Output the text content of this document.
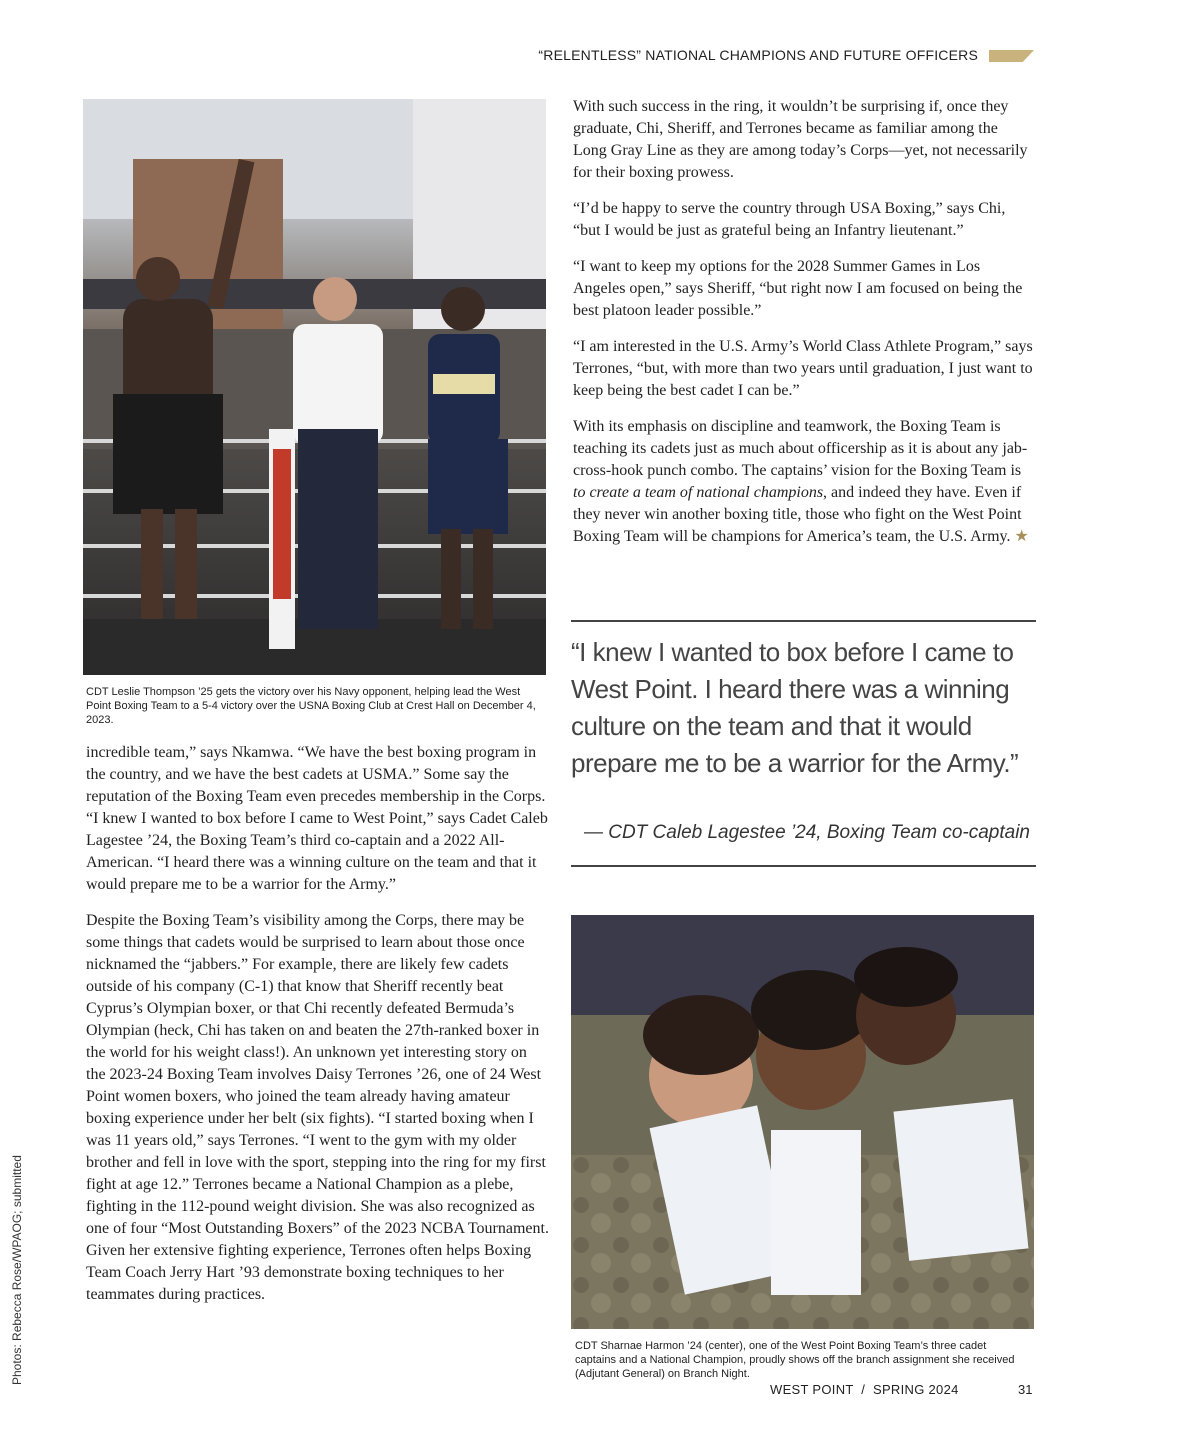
“RELENTLESS” NATIONAL CHAMPIONS AND FUTURE OFFICERS
CDT Leslie Thompson ’25 gets the victory over his Navy opponent, helping lead the West Point Boxing Team to a 5-4 victory over the USNA Boxing Club at Crest Hall on December 4, 2023.

With such success in the ring, it wouldn’t be surprising if, once they graduate, Chi, Sheriff, and Terrones became as familiar among the Long Gray Line as they are among today’s Corps—yet, not necessarily for their boxing prowess.

“I’d be happy to serve the country through USA Boxing,” says Chi, “but I would be just as grateful being an Infantry lieutenant.”

“I want to keep my options for the 2028 Summer Games in Los Angeles open,” says Sheriff, “but right now I am focused on being the best platoon leader possible.”

“I am interested in the U.S. Army’s World Class Athlete Program,” says Terrones, “but, with more than two years until graduation, I just want to keep being the best cadet I can be.”

With its emphasis on discipline and teamwork, the Boxing Team is teaching its cadets just as much about officership as it is about any jab-cross-hook punch combo. The captains’ vision for the Boxing Team is to create a team of national champions, and indeed they have. Even if they never win another boxing title, those who fight on the West Point Boxing Team will be champions for America’s team, the U.S. Army. ★

“I knew I wanted to box before I came to West Point. I heard there was a winning culture on the team and that it would prepare me to be a warrior for the Army.”
— CDT Caleb Lagestee ’24, Boxing Team co-captain
CDT Sharnae Harmon ’24 (center), one of the West Point Boxing Team’s three cadet captains and a National Champion, proudly shows off the branch assignment she received (Adjutant General) on Branch Night.

incredible team,” says Nkamwa. “We have the best boxing program in the country, and we have the best cadets at USMA.” Some say the reputation of the Boxing Team even precedes membership in the Corps. “I knew I wanted to box before I came to West Point,” says Cadet Caleb Lagestee ’24, the Boxing Team’s third co-captain and a 2022 All-American. “I heard there was a winning culture on the team and that it would prepare me to be a warrior for the Army.”

Despite the Boxing Team’s visibility among the Corps, there may be some things that cadets would be surprised to learn about those once nicknamed the “jabbers.” For example, there are likely few cadets outside of his company (C-1) that know that Sheriff recently beat Cyprus’s Olympian boxer, or that Chi recently defeated Bermuda’s Olympian (heck, Chi has taken on and beaten the 27th-ranked boxer in the world for his weight class!). An unknown yet interesting story on the 2023-24 Boxing Team involves Daisy Terrones ’26, one of 24 West Point women boxers, who joined the team already having amateur boxing experience under her belt (six fights). “I started boxing when I was 11 years old,” says Terrones. “I went to the gym with my older brother and fell in love with the sport, stepping into the ring for my first fight at age 12.” Terrones became a National Champion as a plebe, fighting in the 112-pound weight division. She was also recognized as one of four “Most Outstanding Boxers” of the 2023 NCBA Tournament. Given her extensive fighting experience, Terrones often helps Boxing Team Coach Jerry Hart ’93 demonstrate boxing techniques to her teammates during practices.

Photos: Rebecca Rose/WPAOG; submitted
WEST POINT  /  SPRING 2024	31
